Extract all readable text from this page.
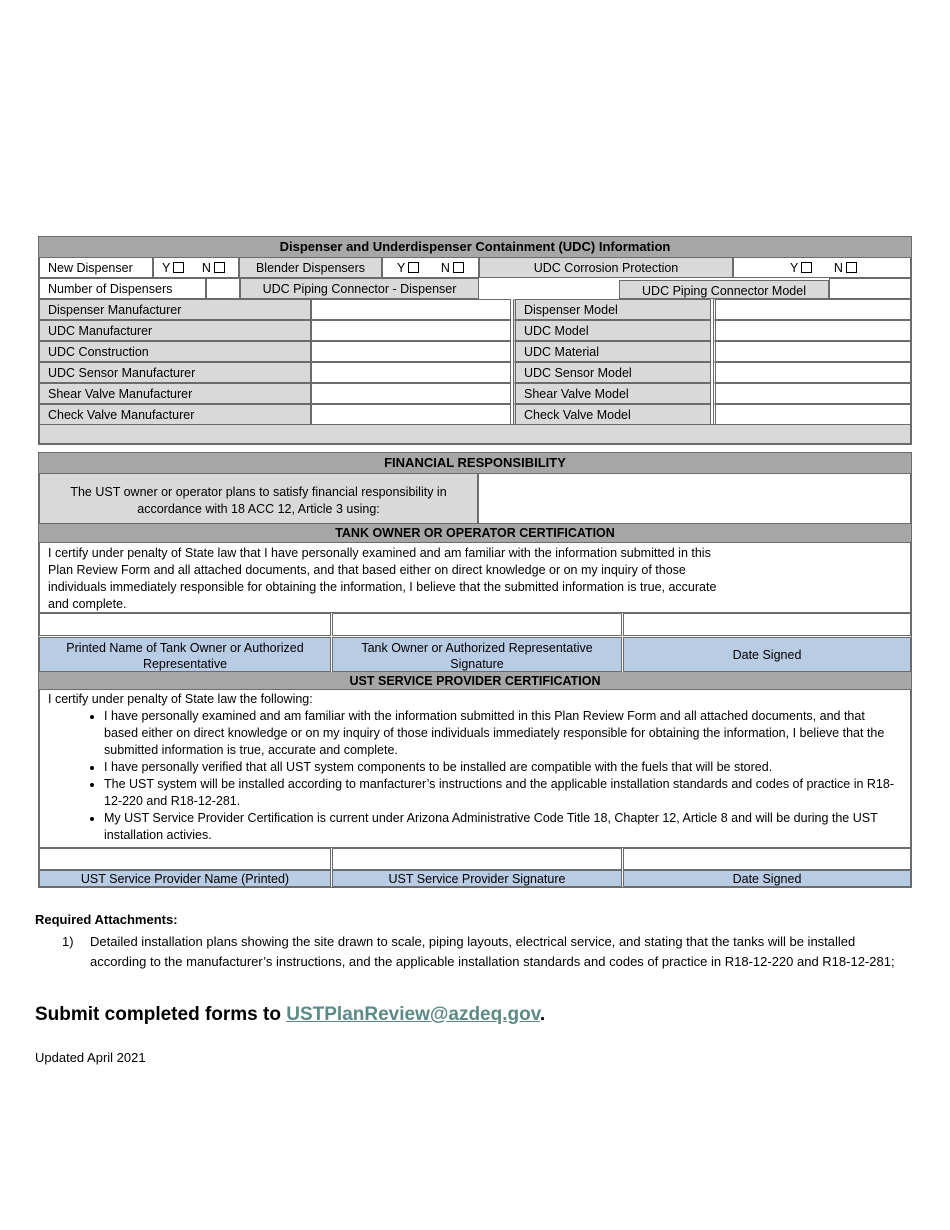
Dispenser and Underdispenser Containment (UDC) Information
New Dispenser	Y	N	Blender Dispensers	Y	N	UDC Corrosion Protection	Y	N
Number of Dispensers	UDC Piping Connector - Dispenser	UDC Piping Connector Model
Dispenser Manufacturer	Dispenser Model
UDC Manufacturer	UDC Model
UDC Construction	UDC Material
UDC Sensor Manufacturer	UDC Sensor Model
Shear Valve Manufacturer	Shear Valve Model
Check Valve Manufacturer	Check Valve Model
FINANCIAL RESPONSIBILITY
The UST owner or operator plans to satisfy financial responsibility in accordance with 18 ACC 12, Article 3 using:
TANK OWNER OR OPERATOR CERTIFICATION
I certify under penalty of State law that I have personally examined and am familiar with the information submitted in this
Plan Review Form and all attached documents, and that based either on direct knowledge or on my inquiry of those
individuals immediately responsible for obtaining the information, I believe that the submitted information is true, accurate
and complete.
Printed Name of Tank Owner or Authorized Representative
Tank Owner or Authorized Representative Signature
Date Signed
UST SERVICE PROVIDER CERTIFICATION
I certify under penalty of State law the following:
• I have personally examined and am familiar with the information submitted in this Plan Review Form and all attached documents, and that based either on direct knowledge or on my inquiry of those individuals immediately responsible for obtaining the information, I believe that the submitted information is true, accurate and complete.
• I have personally verified that all UST system components to be installed are compatible with the fuels that will be stored.
• The UST system will be installed according to manfacturer’s instructions and the applicable installation standards and codes of practice in R18-12-220 and R18-12-281.
• My UST Service Provider Certification is current under Arizona Administrative Code Title 18, Chapter 12, Article 8 and will be during the UST installation activies.
UST Service Provider Name (Printed)	UST Service Provider Signature	Date Signed
Required Attachments:
1) Detailed installation plans showing the site drawn to scale, piping layouts, electrical service, and stating that the tanks will be installed
according to the manufacturer’s instructions, and the applicable installation standards and codes of practice in R18-12-220 and R18-12-281;
Submit completed forms to USTPlanReview@azdeq.gov.
Updated April 2021
